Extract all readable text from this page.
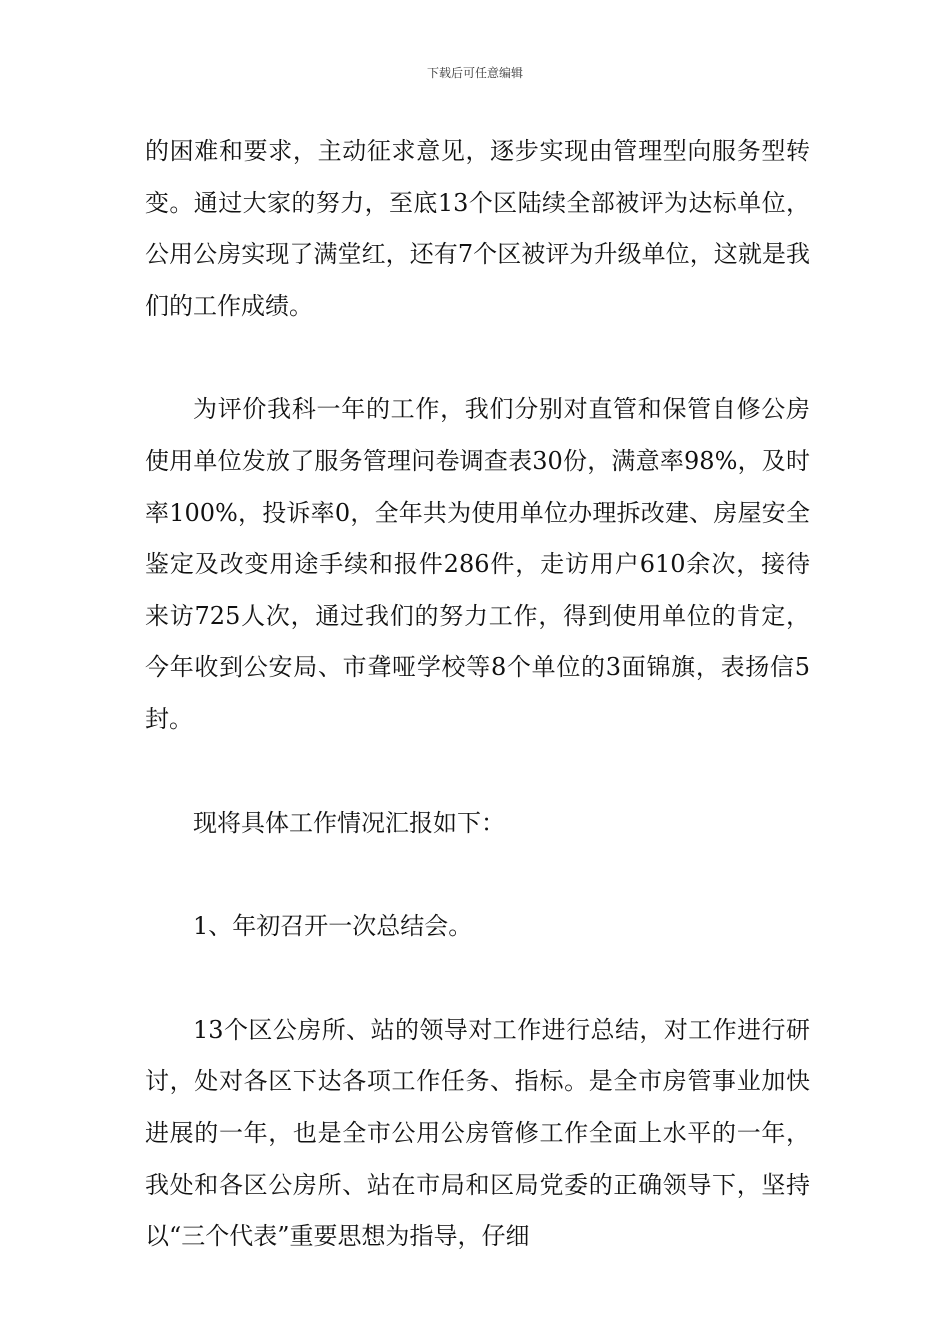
下载后可任意编辑

的困难和要求，主动征求意见，逐步实现由管理型向服务型转变。通过大家的努力，至底13个区陆续全部被评为达标单位，公用公房实现了满堂红，还有7个区被评为升级单位，这就是我们的工作成绩。

为评价我科一年的工作，我们分别对直管和保管自修公房使用单位发放了服务管理问卷调查表30份，满意率98%，及时率100%，投诉率0，全年共为使用单位办理拆改建、房屋安全鉴定及改变用途手续和报件286件，走访用户610余次，接待来访725人次，通过我们的努力工作，得到使用单位的肯定，今年收到公安局、市聋哑学校等8个单位的3面锦旗，表扬信5封。

现将具体工作情况汇报如下：

1、年初召开一次总结会。

13个区公房所、站的领导对工作进行总结，对工作进行研讨，处对各区下达各项工作任务、指标。是全市房管事业加快进展的一年，也是全市公用公房管修工作全面上水平的一年，我处和各区公房所、站在市局和区局党委的正确领导下，坚持以“三个代表”重要思想为指导，仔细
